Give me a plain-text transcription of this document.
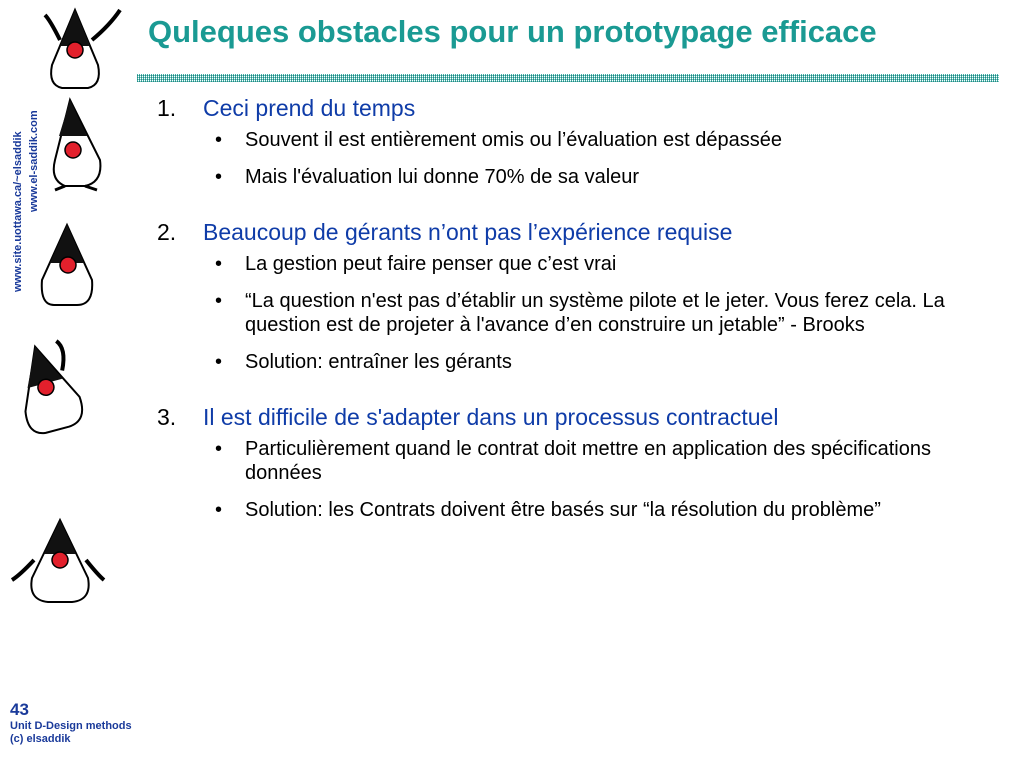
Quleques obstacles pour un prototypage efficace
www.site.uottawa.ca/~elsaddik www.el-saddik.com
1.	Ceci prend du temps
•	Souvent il est entièrement omis ou l’évaluation est dépassée
•	Mais l'évaluation lui donne 70% de sa valeur
2.	Beaucoup de gérants n’ont pas l’expérience requise
•	La gestion peut faire penser que c’est vrai
•	“La question n'est pas d’établir un système pilote et le jeter. Vous ferez cela. La question est de projeter à l'avance d’en construire un jetable” - Brooks
•	Solution: entraîner les gérants
3.	Il est difficile de s'adapter dans un processus contractuel
•	Particulièrement quand le contrat doit mettre en application des spécifications données
•	Solution: les Contrats doivent être basés sur “la résolution du problème”
43
Unit D-Design methods
(c) elsaddik
